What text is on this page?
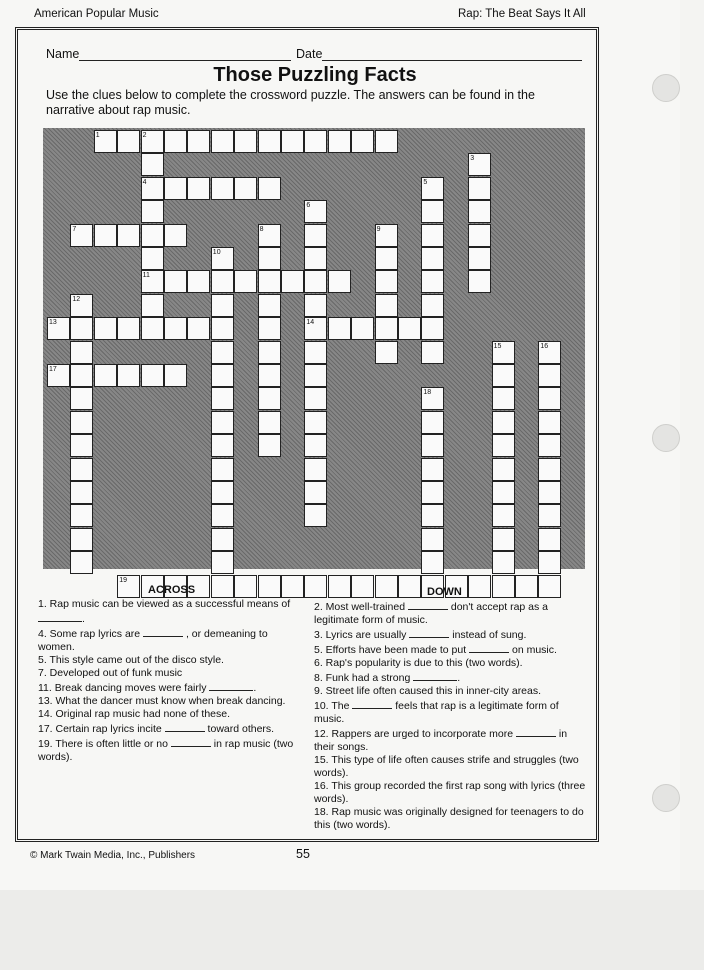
American Popular Music	Rap: The Beat Says It All
Name	Date
Those Puzzling Facts
Use the clues below to complete the crossword puzzle. The answers can be found in the narrative about rap music.
1	2
3
4	5
6
7	8	9
10
11
12
13	14
15	16
17
18
19
ACROSS	DOWN

1. Rap music can be viewed as a successful means of .

4. Some rap lyrics are	, or demeaning to women.

5. This style came out of the disco style.

7. Developed out of funk music

11. Break dancing moves were fairly	.

13. What the dancer must know when break dancing.

14. Original rap music had none of these.

17. Certain rap lyrics incite	toward others.

19. There is often little or no	in rap music (two words).

2. Most well-trained	don't accept rap as a legitimate form of music.

3. Lyrics are usually	instead of sung.

5. Efforts have been made to put	on music.

6. Rap's popularity is due to this (two words).

8. Funk had a strong	.

9. Street life often caused this in inner-city areas.

10. The	feels that rap is a legitimate form of music.

12. Rappers are urged to incorporate more	in their songs.

15. This type of life often causes strife and struggles (two words).

16. This group recorded the first rap song with lyrics (three words).

18. Rap music was originally designed for teenagers to do this (two words).

© Mark Twain Media, Inc., Publishers	55
